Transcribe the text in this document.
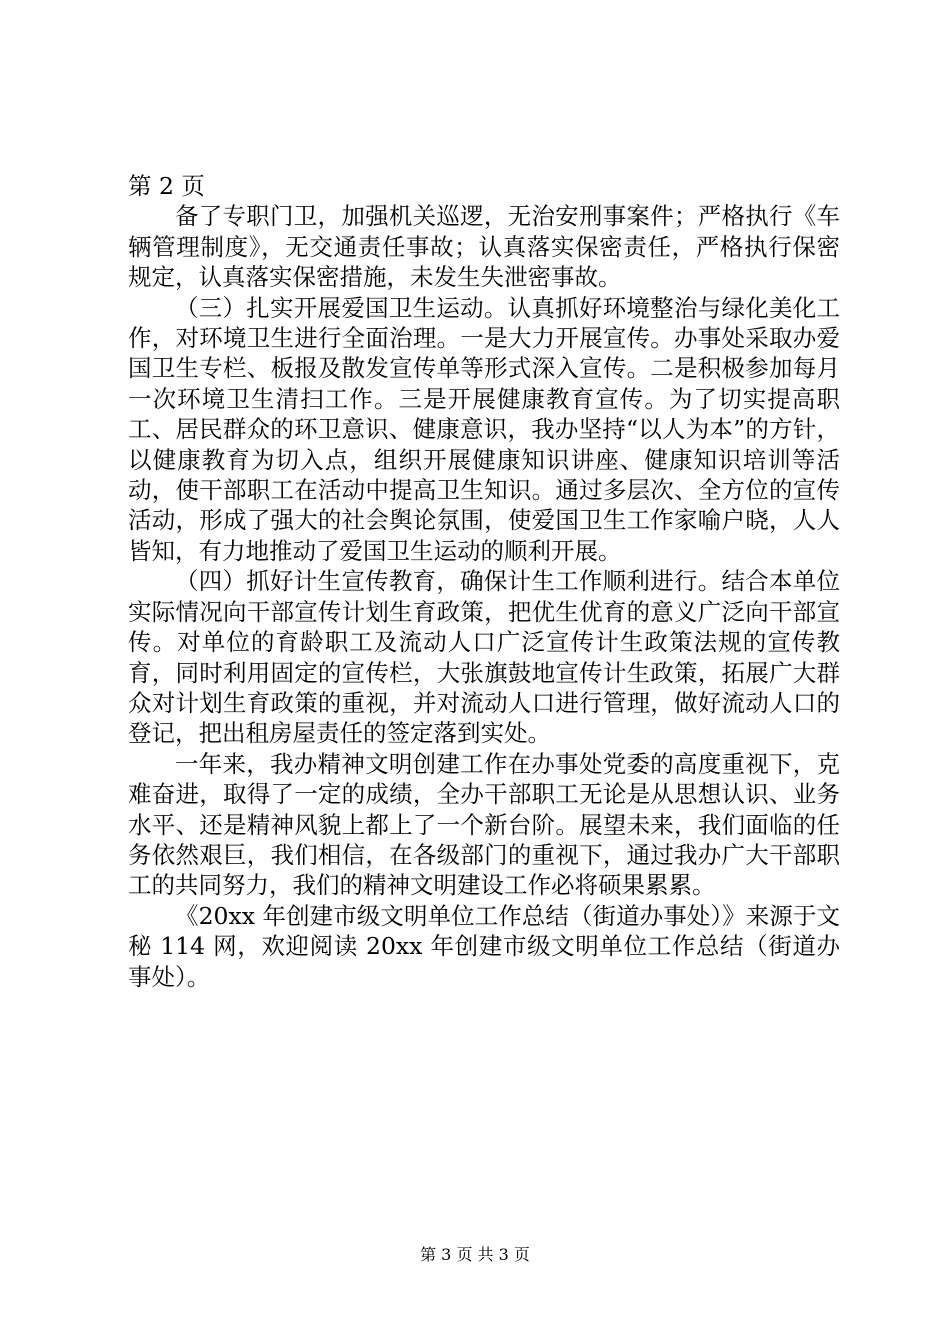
第 2 页

备了专职门卫，加强机关巡逻，无治安刑事案件；严格执行《车辆管理制度》，无交通责任事故；认真落实保密责任，严格执行保密规定，认真落实保密措施，未发生失泄密事故。

（三）扎实开展爱国卫生运动。认真抓好环境整治与绿化美化工作，对环境卫生进行全面治理。一是大力开展宣传。办事处采取办爱国卫生专栏、板报及散发宣传单等形式深入宣传。二是积极参加每月一次环境卫生清扫工作。三是开展健康教育宣传。为了切实提高职工、居民群众的环卫意识、健康意识，我办坚持“以人为本”的方针，以健康教育为切入点，组织开展健康知识讲座、健康知识培训等活动，使干部职工在活动中提高卫生知识。通过多层次、全方位的宣传活动，形成了强大的社会舆论氛围，使爱国卫生工作家喻户晓，人人皆知，有力地推动了爱国卫生运动的顺利开展。

（四）抓好计生宣传教育，确保计生工作顺利进行。结合本单位实际情况向干部宣传计划生育政策，把优生优育的意义广泛向干部宣传。对单位的育龄职工及流动人口广泛宣传计生政策法规的宣传教育，同时利用固定的宣传栏，大张旗鼓地宣传计生政策，拓展广大群众对计划生育政策的重视，并对流动人口进行管理，做好流动人口的登记，把出租房屋责任的签定落到实处。

一年来，我办精神文明创建工作在办事处党委的高度重视下，克难奋进，取得了一定的成绩，全办干部职工无论是从思想认识、业务水平、还是精神风貌上都上了一个新台阶。展望未来，我们面临的任务依然艰巨，我们相信，在各级部门的重视下，通过我办广大干部职工的共同努力，我们的精神文明建设工作必将硕果累累。

《20xx 年创建市级文明单位工作总结（街道办事处）》来源于文秘 114 网，欢迎阅读 20xx 年创建市级文明单位工作总结（街道办事处）。

第 3 页 共 3 页
